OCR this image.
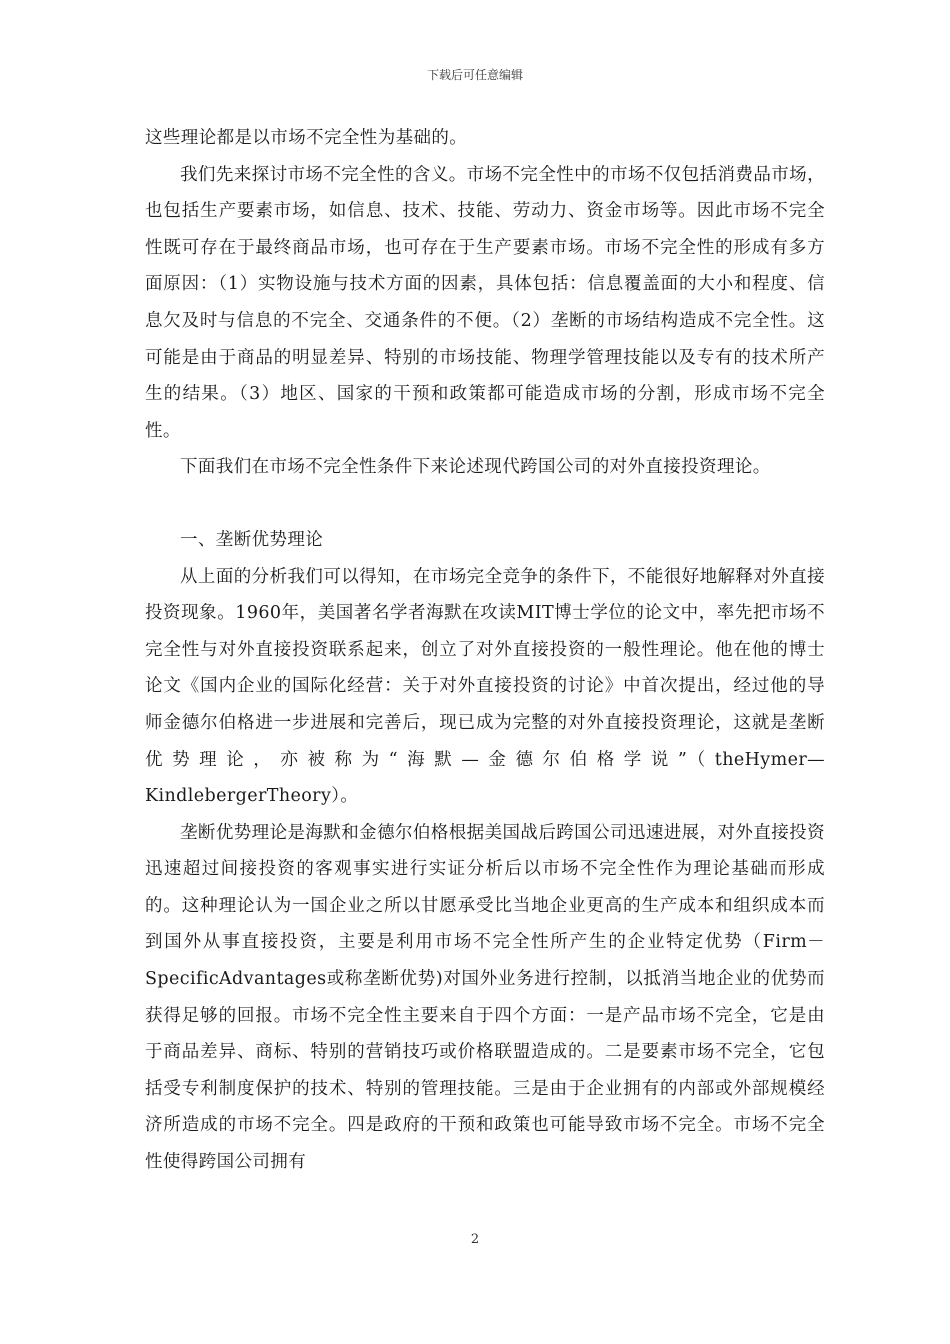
下载后可任意编辑

这些理论都是以市场不完全性为基础的。

我们先来探讨市场不完全性的含义。市场不完全性中的市场不仅包括消费品市场，也包括生产要素市场，如信息、技术、技能、劳动力、资金市场等。因此市场不完全性既可存在于最终商品市场，也可存在于生产要素市场。市场不完全性的形成有多方面原因：（1）实物设施与技术方面的因素，具体包括：信息覆盖面的大小和程度、信息欠及时与信息的不完全、交通条件的不便。（2）垄断的市场结构造成不完全性。这可能是由于商品的明显差异、特别的市场技能、物理学管理技能以及专有的技术所产生的结果。（3）地区、国家的干预和政策都可能造成市场的分割，形成市场不完全性。

下面我们在市场不完全性条件下来论述现代跨国公司的对外直接投资理论。

一、垄断优势理论

从上面的分析我们可以得知，在市场完全竞争的条件下，不能很好地解释对外直接投资现象。1960年，美国著名学者海默在攻读MIT博士学位的论文中，率先把市场不完全性与对外直接投资联系起来，创立了对外直接投资的一般性理论。他在他的博士论文《国内企业的国际化经营：关于对外直接投资的讨论》中首次提出，经过他的导师金德尔伯格进一步进展和完善后，现已成为完整的对外直接投资理论，这就是垄断优势理论，亦被称为“海默—金德尔伯格学说”（theHymer—KindlebergerTheory）。

垄断优势理论是海默和金德尔伯格根据美国战后跨国公司迅速进展，对外直接投资迅速超过间接投资的客观事实进行实证分析后以市场不完全性作为理论基础而形成的。这种理论认为一国企业之所以甘愿承受比当地企业更高的生产成本和组织成本而到国外从事直接投资，主要是利用市场不完全性所产生的企业特定优势（Firm－SpecificAdvantages或称垄断优势)对国外业务进行控制，以抵消当地企业的优势而获得足够的回报。市场不完全性主要来自于四个方面：一是产品市场不完全，它是由于商品差异、商标、特别的营销技巧或价格联盟造成的。二是要素市场不完全，它包括受专利制度保护的技术、特别的管理技能。三是由于企业拥有的内部或外部规模经济所造成的市场不完全。四是政府的干预和政策也可能导致市场不完全。市场不完全性使得跨国公司拥有

2
